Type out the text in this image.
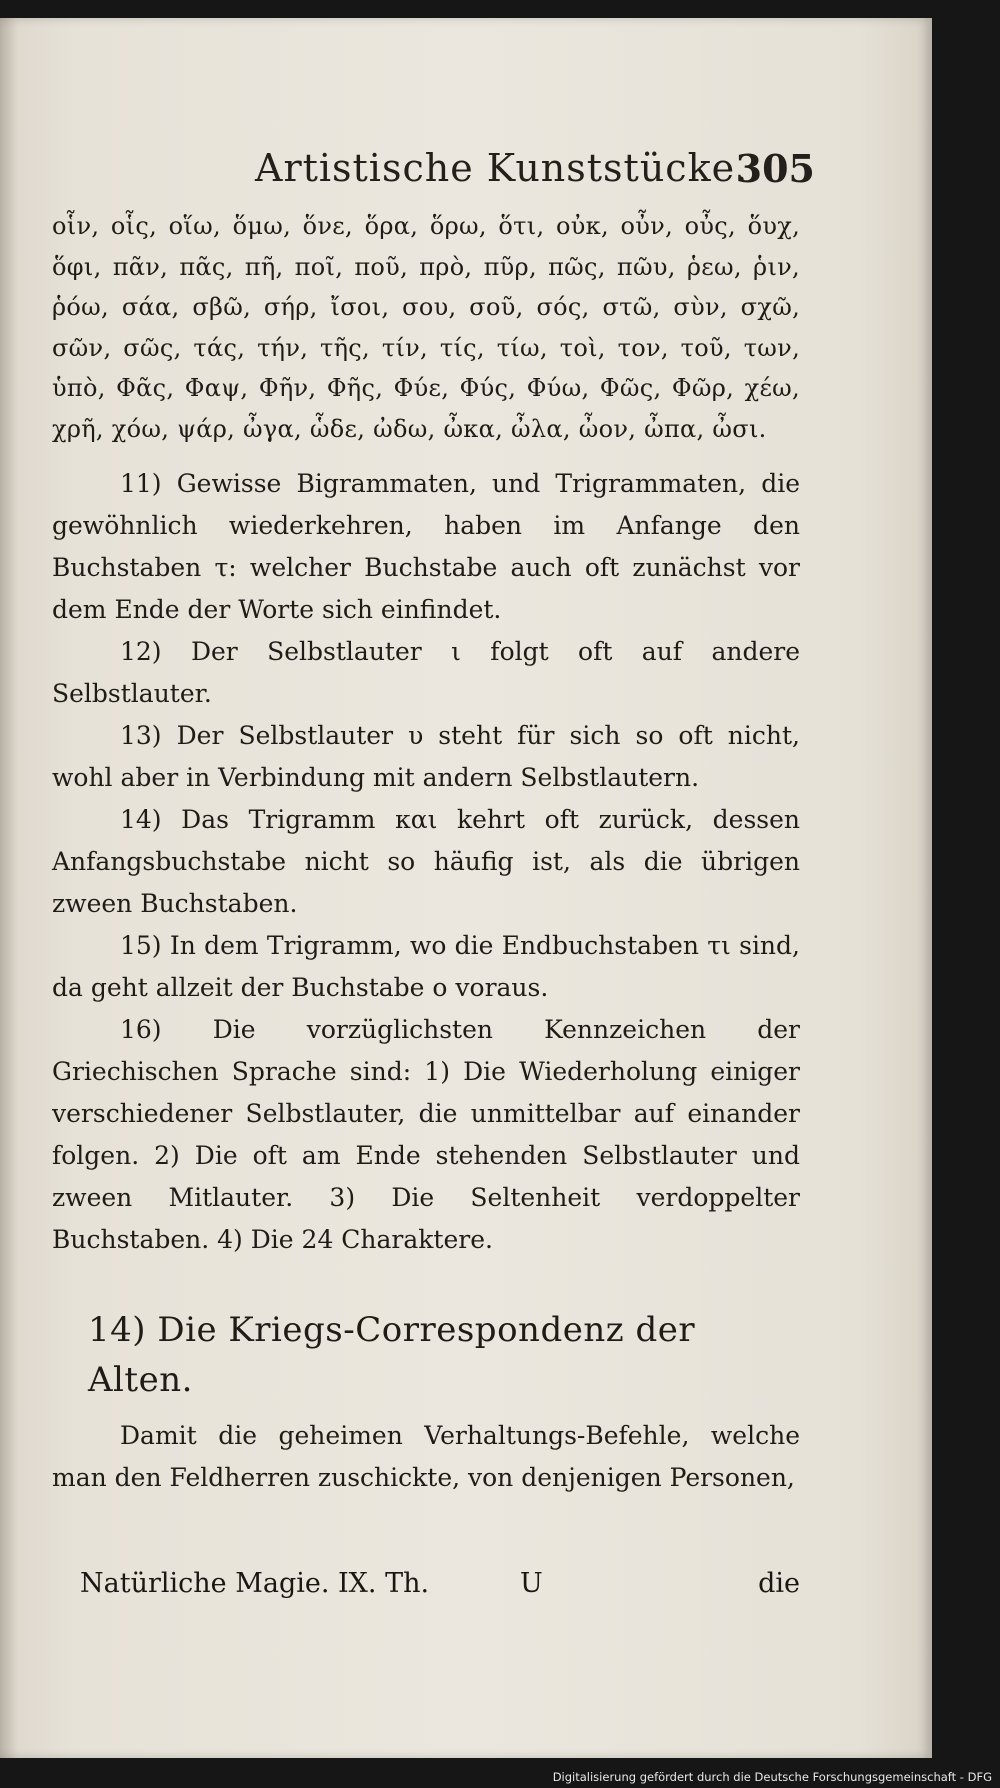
Artistische Kunststücke.
305

οἷν, οἷς, οἵω, ὅμω, ὅνε, ὅρα, ὅρω, ὅτι, οὐκ, οὖν, οὖς, ὅυχ, ὅφι, πᾶν, πᾶς, πῆ, ποῖ, ποῦ, πρὸ, πῦρ, πῶς, πῶυ, ῥεω, ῥιν, ῥόω, σάα, σβῶ, σήρ, ἴσοι, σου, σοῦ, σός, στῶ, σὺν, σχῶ, σῶν, σῶς, τάς, τήν, τῆς, τίν, τίς, τίω, τοὶ, τον, τοῦ, των, ὑπὸ, Φᾶς, Φαψ, Φῆν, Φῆς, Φύε, Φύς, Φύω, Φῶς, Φῶρ, χέω, χρῆ, χόω, ψάρ, ὦγα, ὧδε, ὠδω, ὦκα, ὦλα, ὦον, ὦπα, ὦσι.

11) Gewisse Bigrammaten, und Trigrammaten, die gewöhnlich wiederkehren, haben im Anfange den Buchstaben τ: welcher Buchstabe auch oft zunächst vor dem Ende der Worte sich einfindet.

12) Der Selbstlauter ι folgt oft auf andere Selbstlauter.

13) Der Selbstlauter υ steht für sich so oft nicht, wohl aber in Verbindung mit andern Selbstlautern.

14) Das Trigramm και kehrt oft zurück, dessen Anfangsbuchstabe nicht so häufig ist, als die übrigen zween Buchstaben.

15) In dem Trigramm, wo die Endbuchstaben τι sind, da geht allzeit der Buchstabe ο voraus.

16) Die vorzüglichsten Kennzeichen der Griechischen Sprache sind: 1) Die Wiederholung einiger verschiedener Selbstlauter, die unmittelbar auf einander folgen. 2) Die oft am Ende stehenden Selbstlauter und zween Mitlauter. 3) Die Seltenheit verdoppelter Buchstaben. 4) Die 24 Charaktere.

14) Die Kriegs-Correspondenz der Alten.

Damit die geheimen Verhaltungs-Befehle, welche man den Feldherren zuschickte, von denjenigen Personen,

Natürliche Magie. IX. Th.	U	die
Digitalisierung gefördert durch die Deutsche Forschungsgemeinschaft - DFG
